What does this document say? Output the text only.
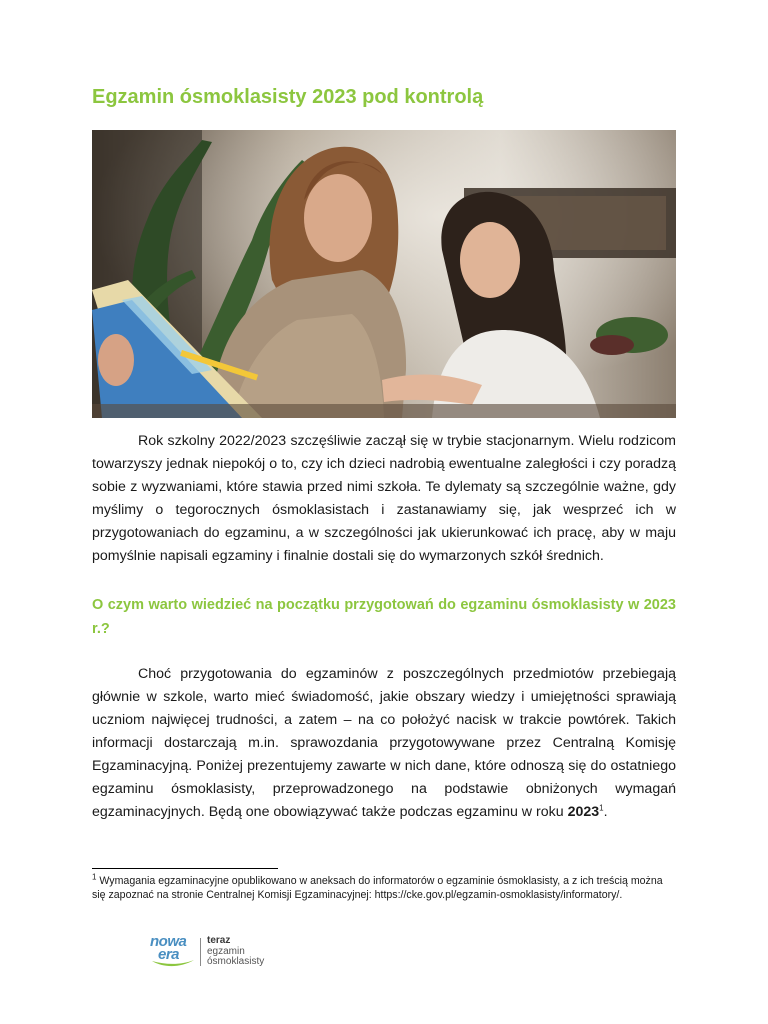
Egzamin ósmoklasisty 2023 pod kontrolą

Rok szkolny 2022/2023 szczęśliwie zaczął się w trybie stacjonarnym. Wielu rodzicom towarzyszy jednak niepokój o to, czy ich dzieci nadrobią ewentualne zaległości i czy poradzą sobie z wyzwaniami, które stawia przed nimi szkoła. Te dylematy są szczególnie ważne, gdy myślimy o tegorocznych ósmoklasistach i zastanawiamy się, jak wesprzeć ich w przygotowaniach do egzaminu, a w szczególności jak ukierunkować ich pracę, aby w maju pomyślnie napisali egzaminy i finalnie dostali się do wymarzonych szkół średnich.

O czym warto wiedzieć na początku przygotowań do egzaminu ósmoklasisty w 2023 r.?

Choć przygotowania do egzaminów z poszczególnych przedmiotów przebiegają głównie w szkole, warto mieć świadomość, jakie obszary wiedzy i umiejętności sprawiają uczniom najwięcej trudności, a zatem – na co położyć nacisk w trakcie powtórek. Takich informacji dostarczają m.in. sprawozdania przygotowywane przez Centralną Komisję Egzaminacyjną. Poniżej prezentujemy zawarte w nich dane, które odnoszą się do ostatniego egzaminu ósmoklasisty, przeprowadzonego na podstawie obniżonych wymagań egzaminacyjnych. Będą one obowiązywać także podczas egzaminu w roku 2023$^1$.

$^1$ Wymagania egzaminacyjne opublikowano w aneksach do informatorów o egzaminie ósmoklasisty, a z ich treścią można się zapoznać na stronie Centralnej Komisji Egzaminacyjnej: https://cke.gov.pl/egzamin-osmoklasisty/informatory/.

nowa
era
teraz
egzamin
ósmoklasisty
